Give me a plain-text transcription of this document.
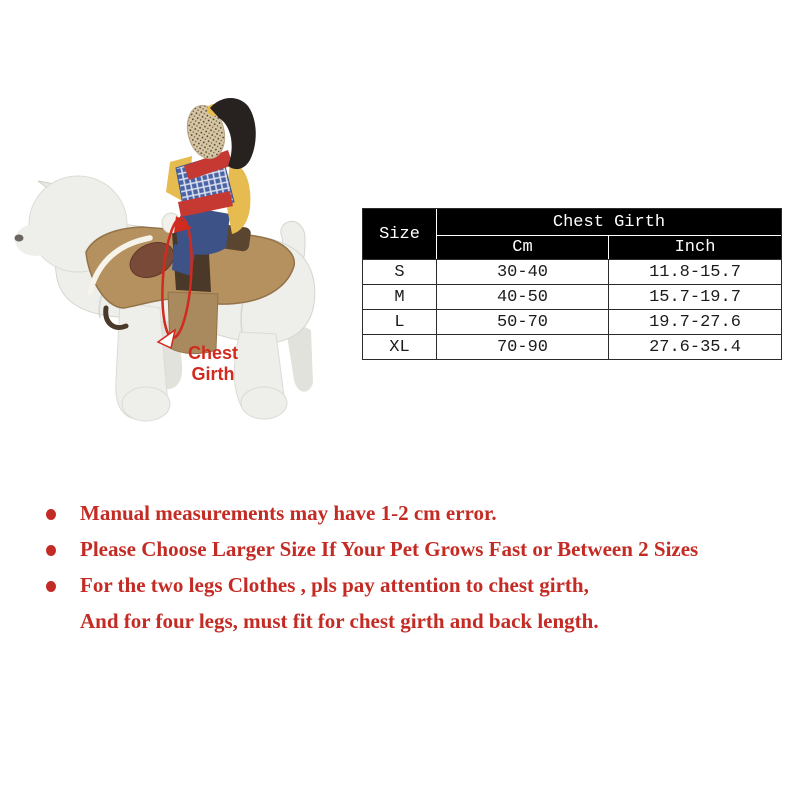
Chest
Girth
Size	Chest Girth	
	Cm	Inch
S	30-40	11.8-15.7
M	40-50	15.7-19.7
L	50-70	19.7-27.6
XL	70-90	27.6-35.4
Manual measurements may have 1-2 cm error.
Please Choose Larger Size If Your Pet Grows Fast or Between 2 Sizes
For the two legs Clothes , pls pay attention to chest girth,
And for four legs, must fit for chest girth and back length.
